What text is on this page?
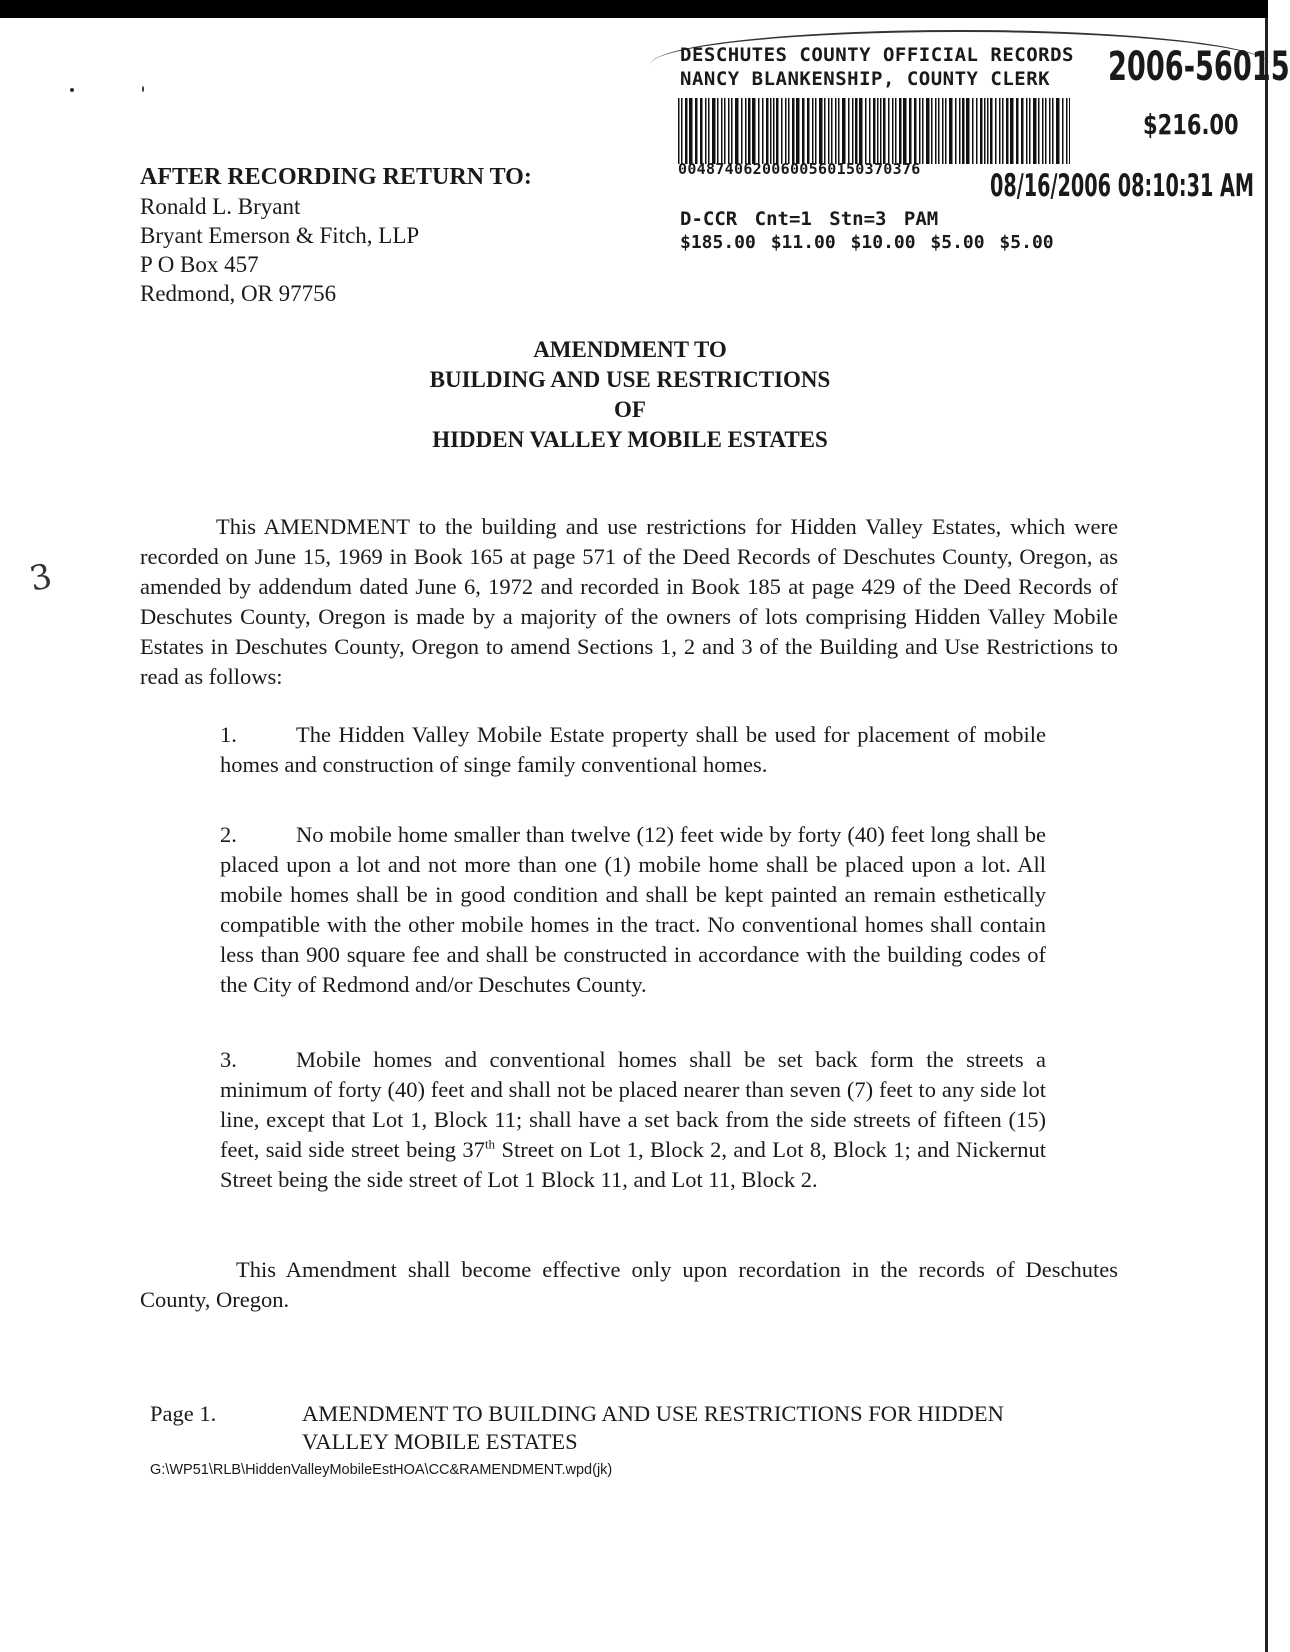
DESCHUTES COUNTY OFFICIAL RECORDS
NANCY BLANKENSHIP, COUNTY CLERK 2006-56015
$216.00
00487406200600560150370376 08/16/2006 08:10:31 AM
D-CCR Cnt=1 Stn=3 PAM
$185.00 $11.00 $10.00 $5.00 $5.00
AFTER RECORDING RETURN TO:
Ronald L. Bryant
Bryant Emerson & Fitch, LLP
P O Box 457
Redmond, OR 97756
AMENDMENT TO
BUILDING AND USE RESTRICTIONS
OF
HIDDEN VALLEY MOBILE ESTATES
3
This AMENDMENT to the building and use restrictions for Hidden Valley Estates, which were recorded on June 15, 1969 in Book 165 at page 571 of the Deed Records of Deschutes County, Oregon, as amended by addendum dated June 6, 1972 and recorded in Book 185 at page 429 of the Deed Records of Deschutes County, Oregon is made by a majority of the owners of lots comprising Hidden Valley Mobile Estates in Deschutes County, Oregon to amend Sections 1, 2 and 3 of the Building and Use Restrictions to read as follows:
1.	The Hidden Valley Mobile Estate property shall be used for placement of mobile homes and construction of singe family conventional homes.
2.	No mobile home smaller than twelve (12) feet wide by forty (40) feet long shall be placed upon a lot and not more than one (1) mobile home shall be placed upon a lot. All mobile homes shall be in good condition and shall be kept painted an remain esthetically compatible with the other mobile homes in the tract. No conventional homes shall contain less than 900 square fee and shall be constructed in accordance with the building codes of the City of Redmond and/or Deschutes County.
3.	Mobile homes and conventional homes shall be set back form the streets a minimum of forty (40) feet and shall not be placed nearer than seven (7) feet to any side lot line, except that Lot 1, Block 11; shall have a set back from the side streets of fifteen (15) feet, said side street being 37th Street on Lot 1, Block 2, and Lot 8, Block 1; and Nickernut Street being the side street of Lot 1 Block 11, and Lot 11, Block 2.
This Amendment shall become effective only upon recordation in the records of Deschutes County, Oregon.
Page 1.	AMENDMENT TO BUILDING AND USE RESTRICTIONS FOR HIDDEN VALLEY MOBILE ESTATES
G:\WP51\RLB\HiddenValleyMobileEstHOA\CC&RAMENDMENT.wpd(jk)
